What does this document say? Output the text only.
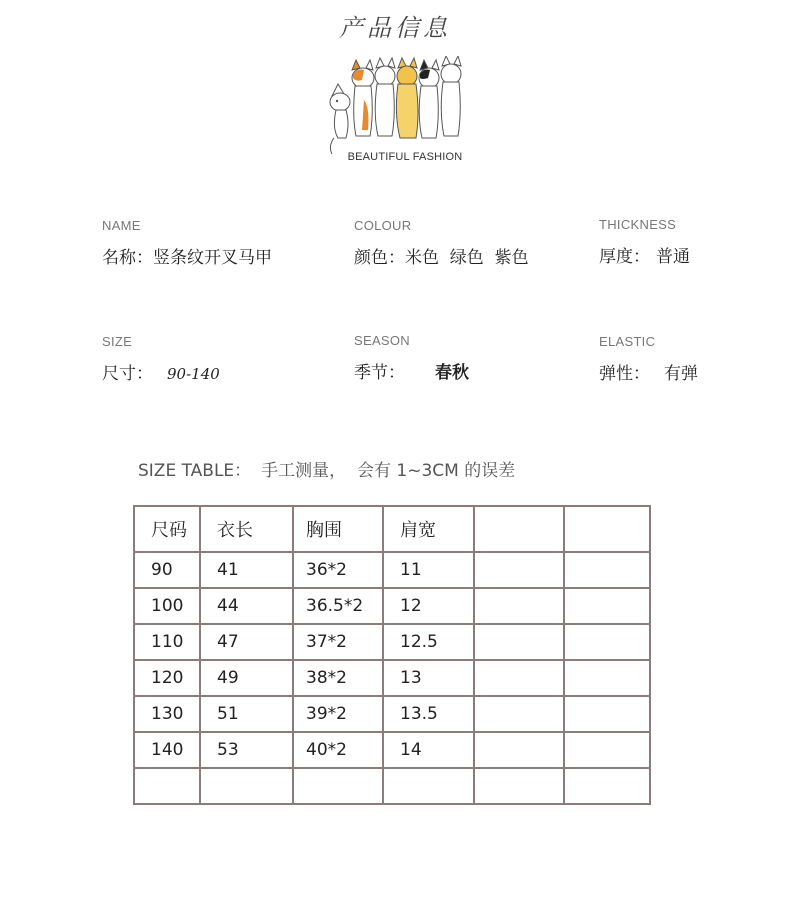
产品信息
BEAUTIFUL FASHION
NAME
名称：竖条纹开叉马甲
COLOUR
颜色：米色  绿色  紫色
THICKNESS
厚度： 普通
SIZE
尺寸： 90-140
SEASON
季节： 春秋
ELASTIC
弹性： 有弹
SIZE TABLE： 手工测量，  会有 1~3CM 的误差
尺码	衣长	胸围	肩宽		
90	41	36*2	11		
100	44	36.5*2	12		
110	47	37*2	12.5		
120	49	38*2	13		
130	51	39*2	13.5		
140	53	40*2	14		
